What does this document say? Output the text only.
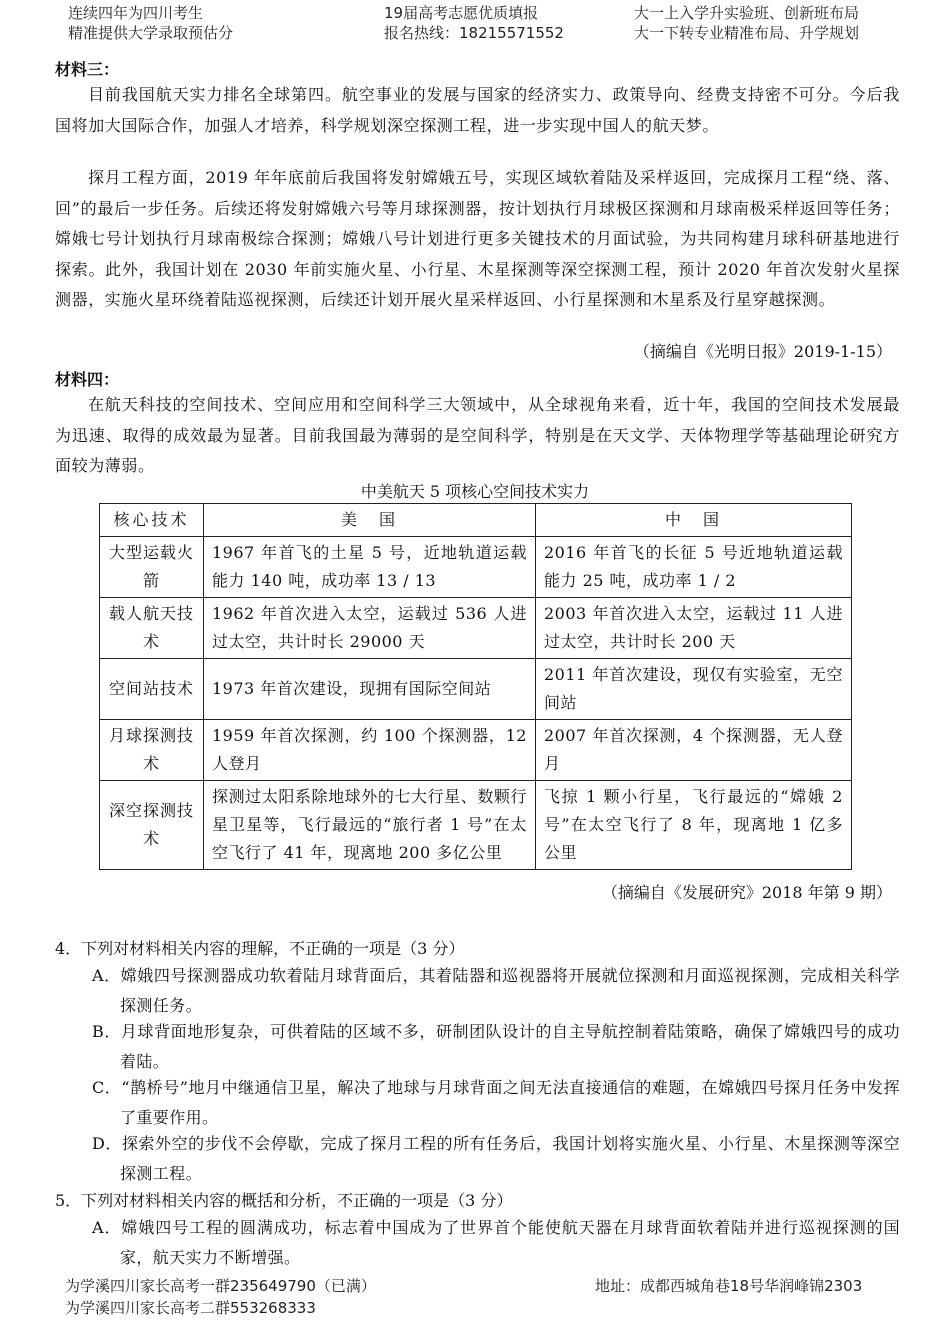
连续四年为四川考生
精准提供大学录取预估分
19届高考志愿优质填报
报名热线：18215571552
大一上入学升实验班、创新班布局
大一下转专业精准布局、升学规划
材料三：

目前我国航天实力排名全球第四。航空事业的发展与国家的经济实力、政策导向、经费支持密不可分。今后我国将加大国际合作，加强人才培养，科学规划深空探测工程，进一步实现中国人的航天梦。

探月工程方面，2019 年年底前后我国将发射嫦娥五号，实现区域软着陆及采样返回，完成探月工程“绕、落、回”的最后一步任务。后续还将发射嫦娥六号等月球探测器，按计划执行月球极区探测和月球南极采样返回等任务；嫦娥七号计划执行月球南极综合探测；嫦娥八号计划进行更多关键技术的月面试验，为共同构建月球科研基地进行探索。此外，我国计划在 2030 年前实施火星、小行星、木星探测等深空探测工程，预计 2020 年首次发射火星探测器，实施火星环绕着陆巡视探测，后续还计划开展火星采样返回、小行星探测和木星系及行星穿越探测。

（摘编自《光明日报》2019-1-15）
材料四：

在航天科技的空间技术、空间应用和空间科学三大领域中，从全球视角来看，近十年，我国的空间技术发展最为迅速、取得的成效最为显著。目前我国最为薄弱的是空间科学，特别是在天文学、天体物理学等基础理论研究方面较为薄弱。

中美航天 5 项核心空间技术实力
核心技术	美　国	中　国
大型运载火箭	1967 年首飞的土星 5 号，近地轨道运载能力 140 吨，成功率 13 / 13	2016 年首飞的长征 5 号近地轨道运载能力 25 吨，成功率 1 / 2
载人航天技术	1962 年首次进入太空，运载过 536 人进过太空，共计时长 29000 天	2003 年首次进入太空，运载过 11 人进过太空，共计时长 200 天
空间站技术	1973 年首次建设，现拥有国际空间站	2011 年首次建设，现仅有实验室，无空间站
月球探测技术	1959 年首次探测，约 100 个探测器，12 人登月	2007 年首次探测，4 个探测器，无人登月
深空探测技术	探测过太阳系除地球外的七大行星、数颗行星卫星等，飞行最远的“旅行者 1 号”在太空飞行了 41 年，现离地 200 多亿公里	飞掠 1 颗小行星，飞行最远的“嫦娥 2 号”在太空飞行了 8 年，现离地 1 亿多公里
（摘编自《发展研究》2018 年第 9 期）
4．下列对材料相关内容的理解，不正确的一项是（3 分）

A．嫦娥四号探测器成功软着陆月球背面后，其着陆器和巡视器将开展就位探测和月面巡视探测，完成相关科学探测任务。

B．月球背面地形复杂，可供着陆的区域不多，研制团队设计的自主导航控制着陆策略，确保了嫦娥四号的成功着陆。

C．“鹊桥号”地月中继通信卫星，解决了地球与月球背面之间无法直接通信的难题，在嫦娥四号探月任务中发挥了重要作用。

D．探索外空的步伐不会停歇，完成了探月工程的所有任务后，我国计划将实施火星、小行星、木星探测等深空探测工程。

5．下列对材料相关内容的概括和分析，不正确的一项是（3 分）

A．嫦娥四号工程的圆满成功，标志着中国成为了世界首个能使航天器在月球背面软着陆并进行巡视探测的国家，航天实力不断增强。

为学溪四川家长高考一群235649790（已满）
为学溪四川家长高考二群553268333
地址：成都西城角巷18号华润峰锦2303
